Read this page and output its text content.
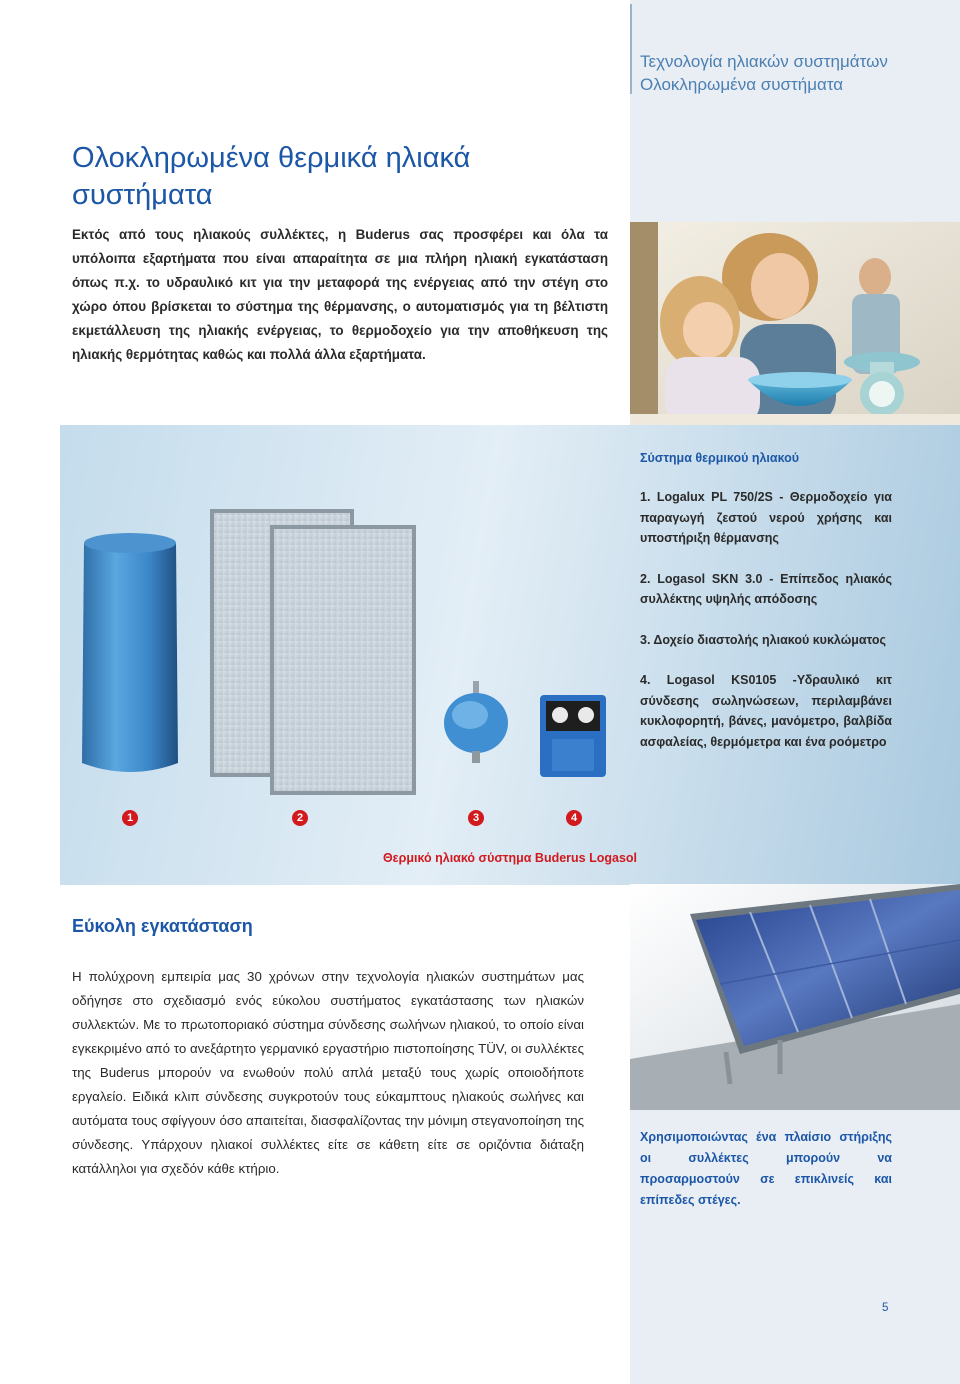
Τεχνολογία ηλιακών συστημάτων
Ολοκληρωμένα συστήματα
Ολοκληρωμένα θερμικά ηλιακά συστήματα
Εκτός από τους ηλιακούς συλλέκτες, η Buderus σας προσφέρει και όλα τα υπόλοιπα εξαρτήματα που είναι απαραίτητα σε μια πλήρη ηλιακή εγκατάσταση όπως π.χ. το υδραυλικό κιτ για την μεταφορά της ενέργειας από την στέγη στο χώρο όπου βρίσκεται το σύστημα της θέρμανσης, ο αυτοματισμός για τη βέλτιστη εκμετάλλευση της ηλιακής ενέργειας, το θερμοδοχείο για την αποθήκευση της ηλιακής θερμότητας καθώς και πολλά άλλα εξαρτήματα.
Σύστημα θερμικού ηλιακού
1. Logalux PL 750/2S - Θερμοδοχείο για παραγωγή ζεστού νερού χρήσης και υποστήριξη θέρμανσης
2. Logasol SKN 3.0 - Επίπεδος ηλιακός συλλέκτης υψηλής απόδοσης
3. Δοχείο διαστολής ηλιακού κυκλώματος
4. Logasol KS0105 -Υδραυλικό κιτ σύνδεσης σωληνώσεων, περιλαμβάνει κυκλοφορητή, βάνες, μανόμετρο, βαλβίδα ασφαλείας, θερμόμετρα και ένα ροόμετρο
1	2	3	4
Θερμικό ηλιακό σύστημα Buderus Logasol
Εύκολη εγκατάσταση
Η πολύχρονη εμπειρία μας 30 χρόνων στην τεχνολογία ηλιακών συστημάτων μας οδήγησε στο σχεδιασμό ενός εύκολου συστήματος εγκατάστασης των ηλιακών συλλεκτών. Με το πρωτοποριακό σύστημα σύνδεσης σωλήνων ηλιακού, το οποίο είναι εγκεκριμένο από το ανεξάρτητο γερμανικό εργαστήριο πιστοποίησης TÜV, οι συλλέκτες της Buderus μπορούν να ενωθούν πολύ απλά μεταξύ τους χωρίς οποιοδήποτε εργαλείο. Ειδικά κλιπ σύνδεσης συγκροτούν τους εύκαμπτους ηλιακούς σωλήνες και αυτόματα τους σφίγγουν όσο απαιτείται, διασφαλίζοντας την μόνιμη στεγανοποίηση της σύνδεσης. Υπάρχουν ηλιακοί συλλέκτες είτε σε κάθετη είτε σε οριζόντια διάταξη κατάλληλοι για σχεδόν κάθε κτήριο.
Χρησιμοποιώντας ένα πλαίσιο στήριξης οι συλλέκτες μπορούν να προσαρμοστούν σε επικλινείς και επίπεδες στέγες.
5
